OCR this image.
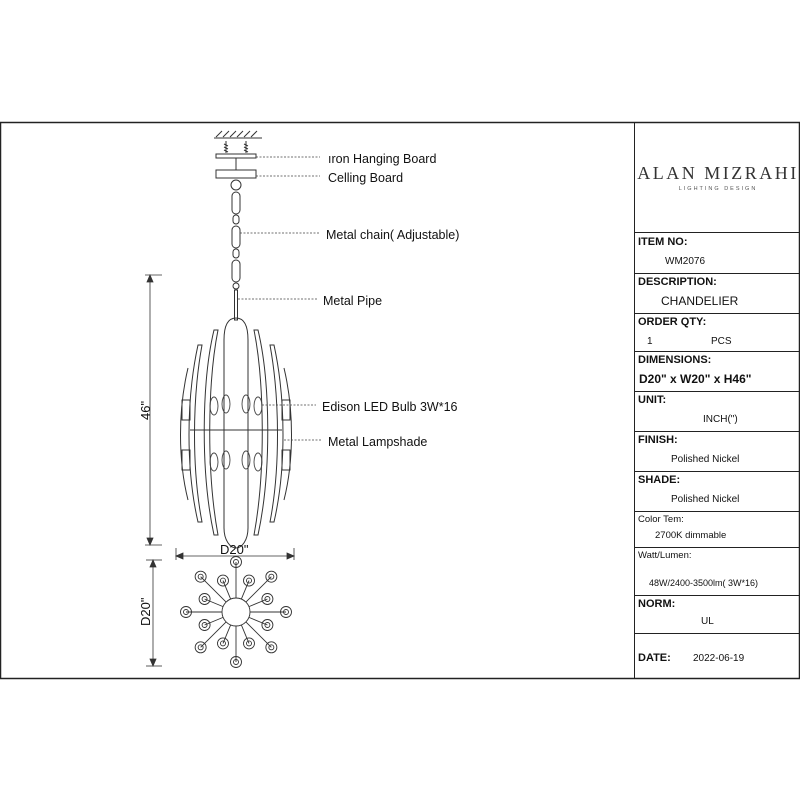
ıron Hanging Board
Celling Board
Metal chain( Adjustable)
Metal Pipe
Edison LED Bulb 3W*16
Metal Lampshade
46"
D20"
D20"
ALAN MIZRAHI
LIGHTING DESIGN
ITEM NO:
WM2076
DESCRIPTION:
CHANDELIER
ORDER QTY:
1	PCS
DIMENSIONS:
D20" x W20" x H46"
UNIT:
INCH(")
FINISH:
Polished Nickel
SHADE:
Polished Nickel
Color Tem:
2700K dimmable
Watt/Lumen:
48W/2400-3500lm( 3W*16)
NORM:
UL
DATE: 2022-06-19
